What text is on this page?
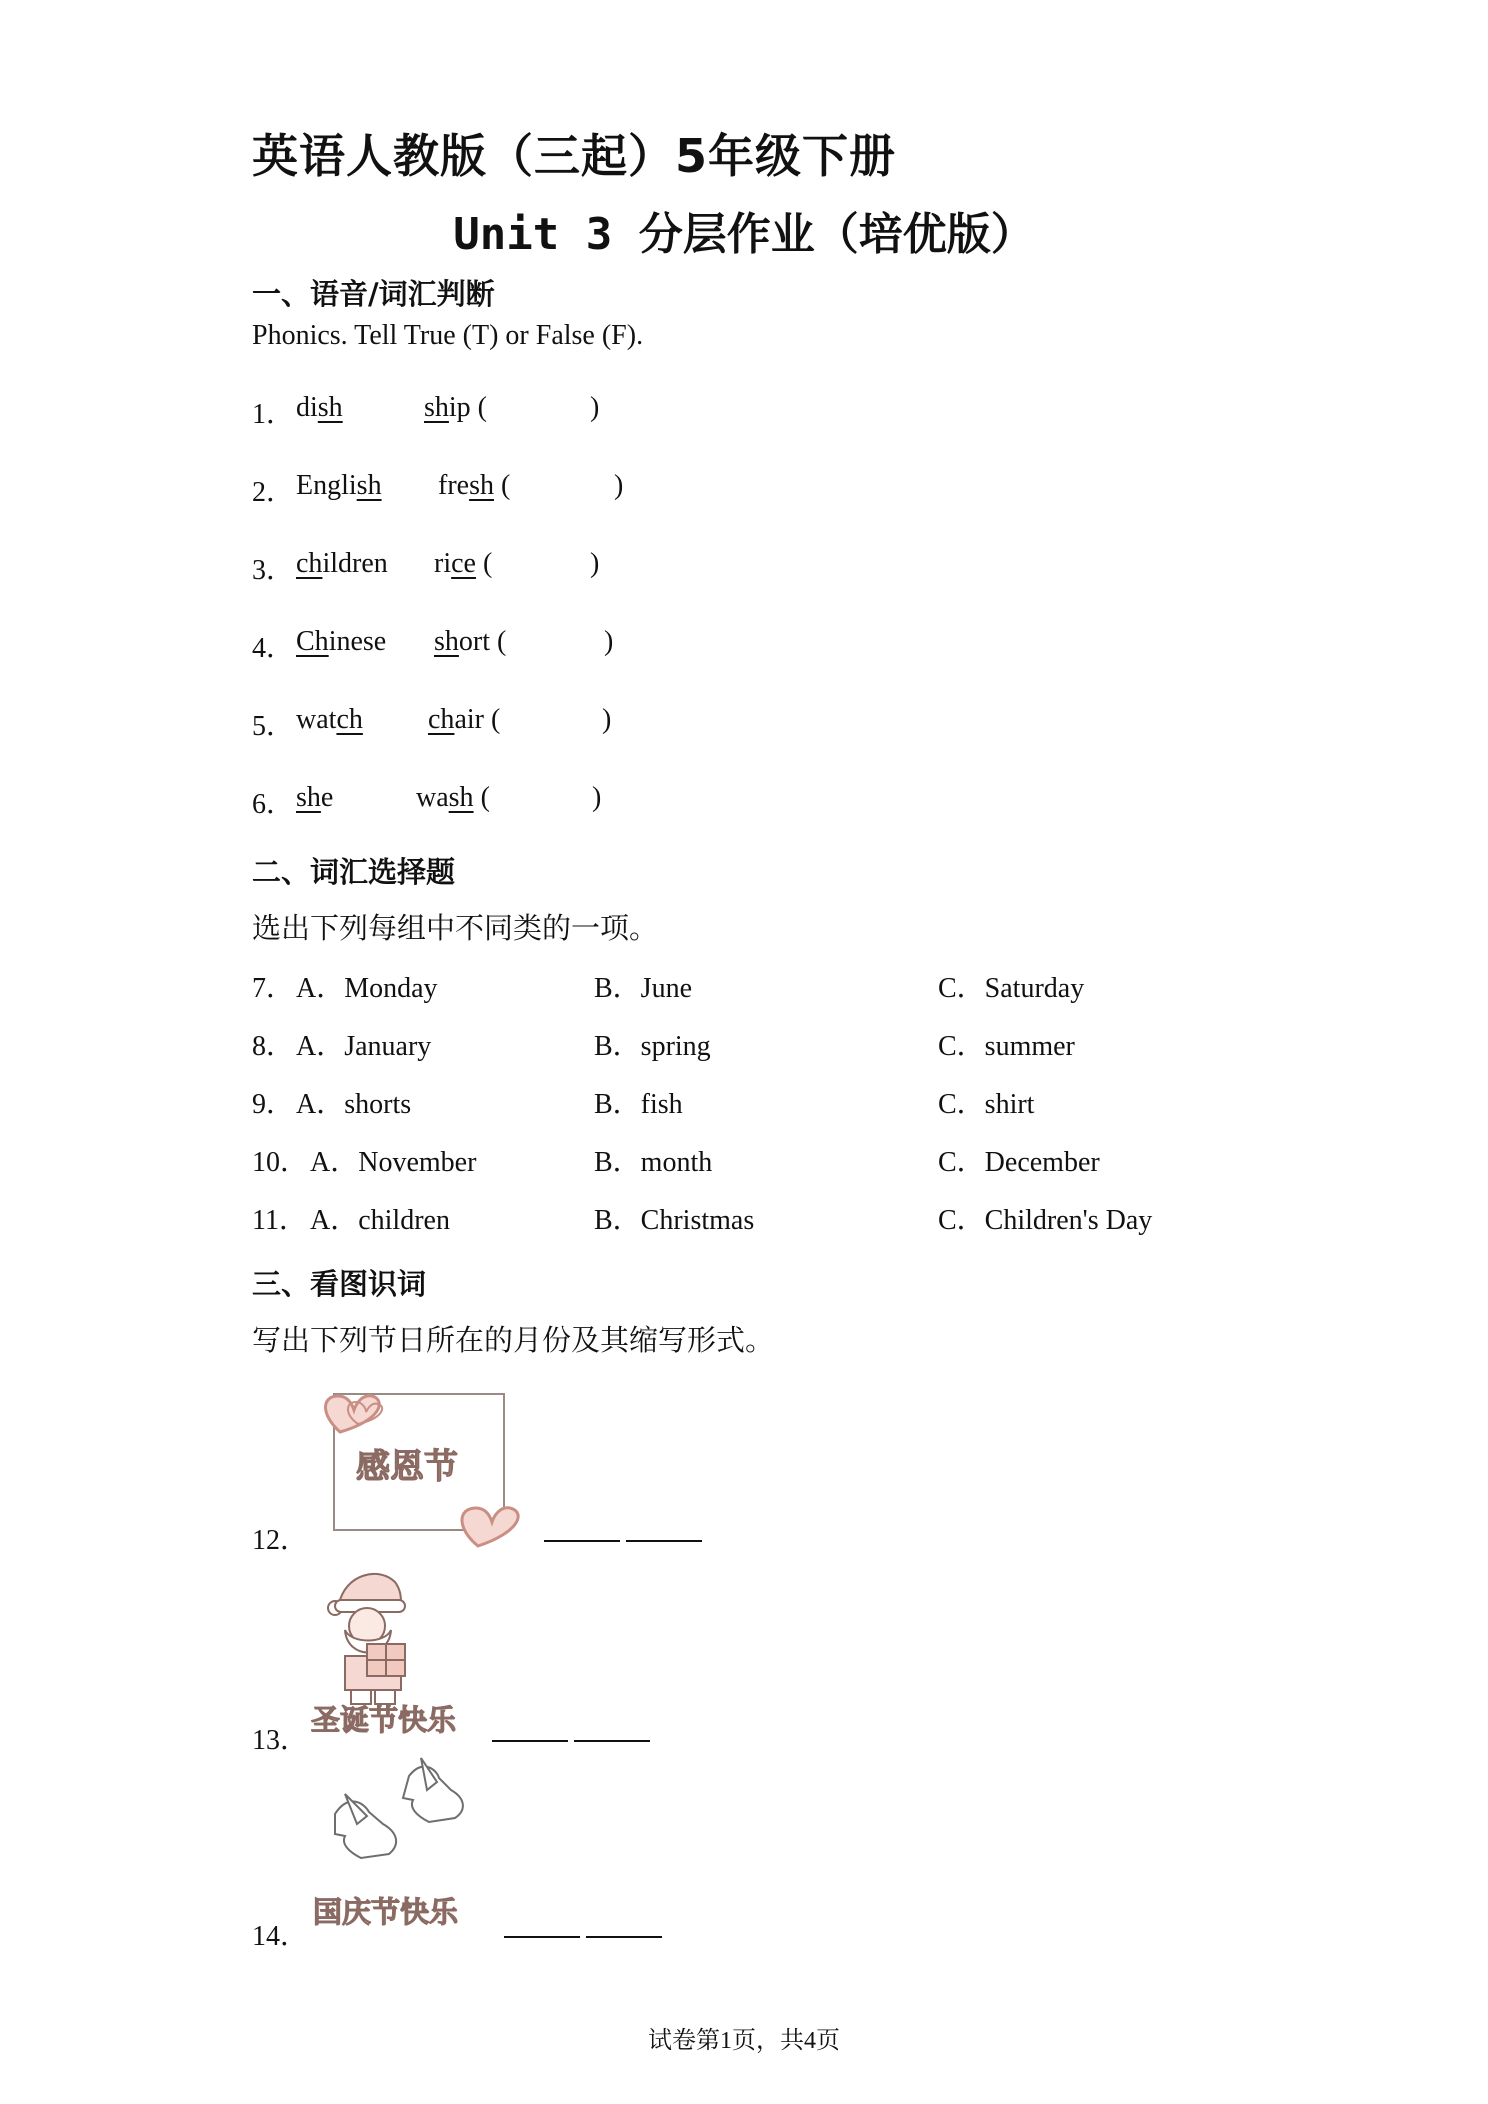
英语人教版（三起）5年级下册
Unit 3 分层作业（培优版）
一、语音/词汇判断
Phonics. Tell True (T) or False (F).
1． dish	ship (	)
2． English fresh (	)
3． children rice (	)
4． Chinese short (	)
5． watch chair (	)
6． she	wash (	)
二、词汇选择题
选出下列每组中不同类的一项。
7． A．Monday	B．June	C．Saturday
8． A．January	B．spring	C．summer
9． A．shorts	B．fish	C．shirt
10． A．November	B．month	C．December
11． A．children	B．Christmas	C．Children's Day
三、看图识词
写出下列节日所在的月份及其缩写形式。
12．
感恩节
13．
圣诞节快乐
14．
国庆节快乐
试卷第1页，共4页
